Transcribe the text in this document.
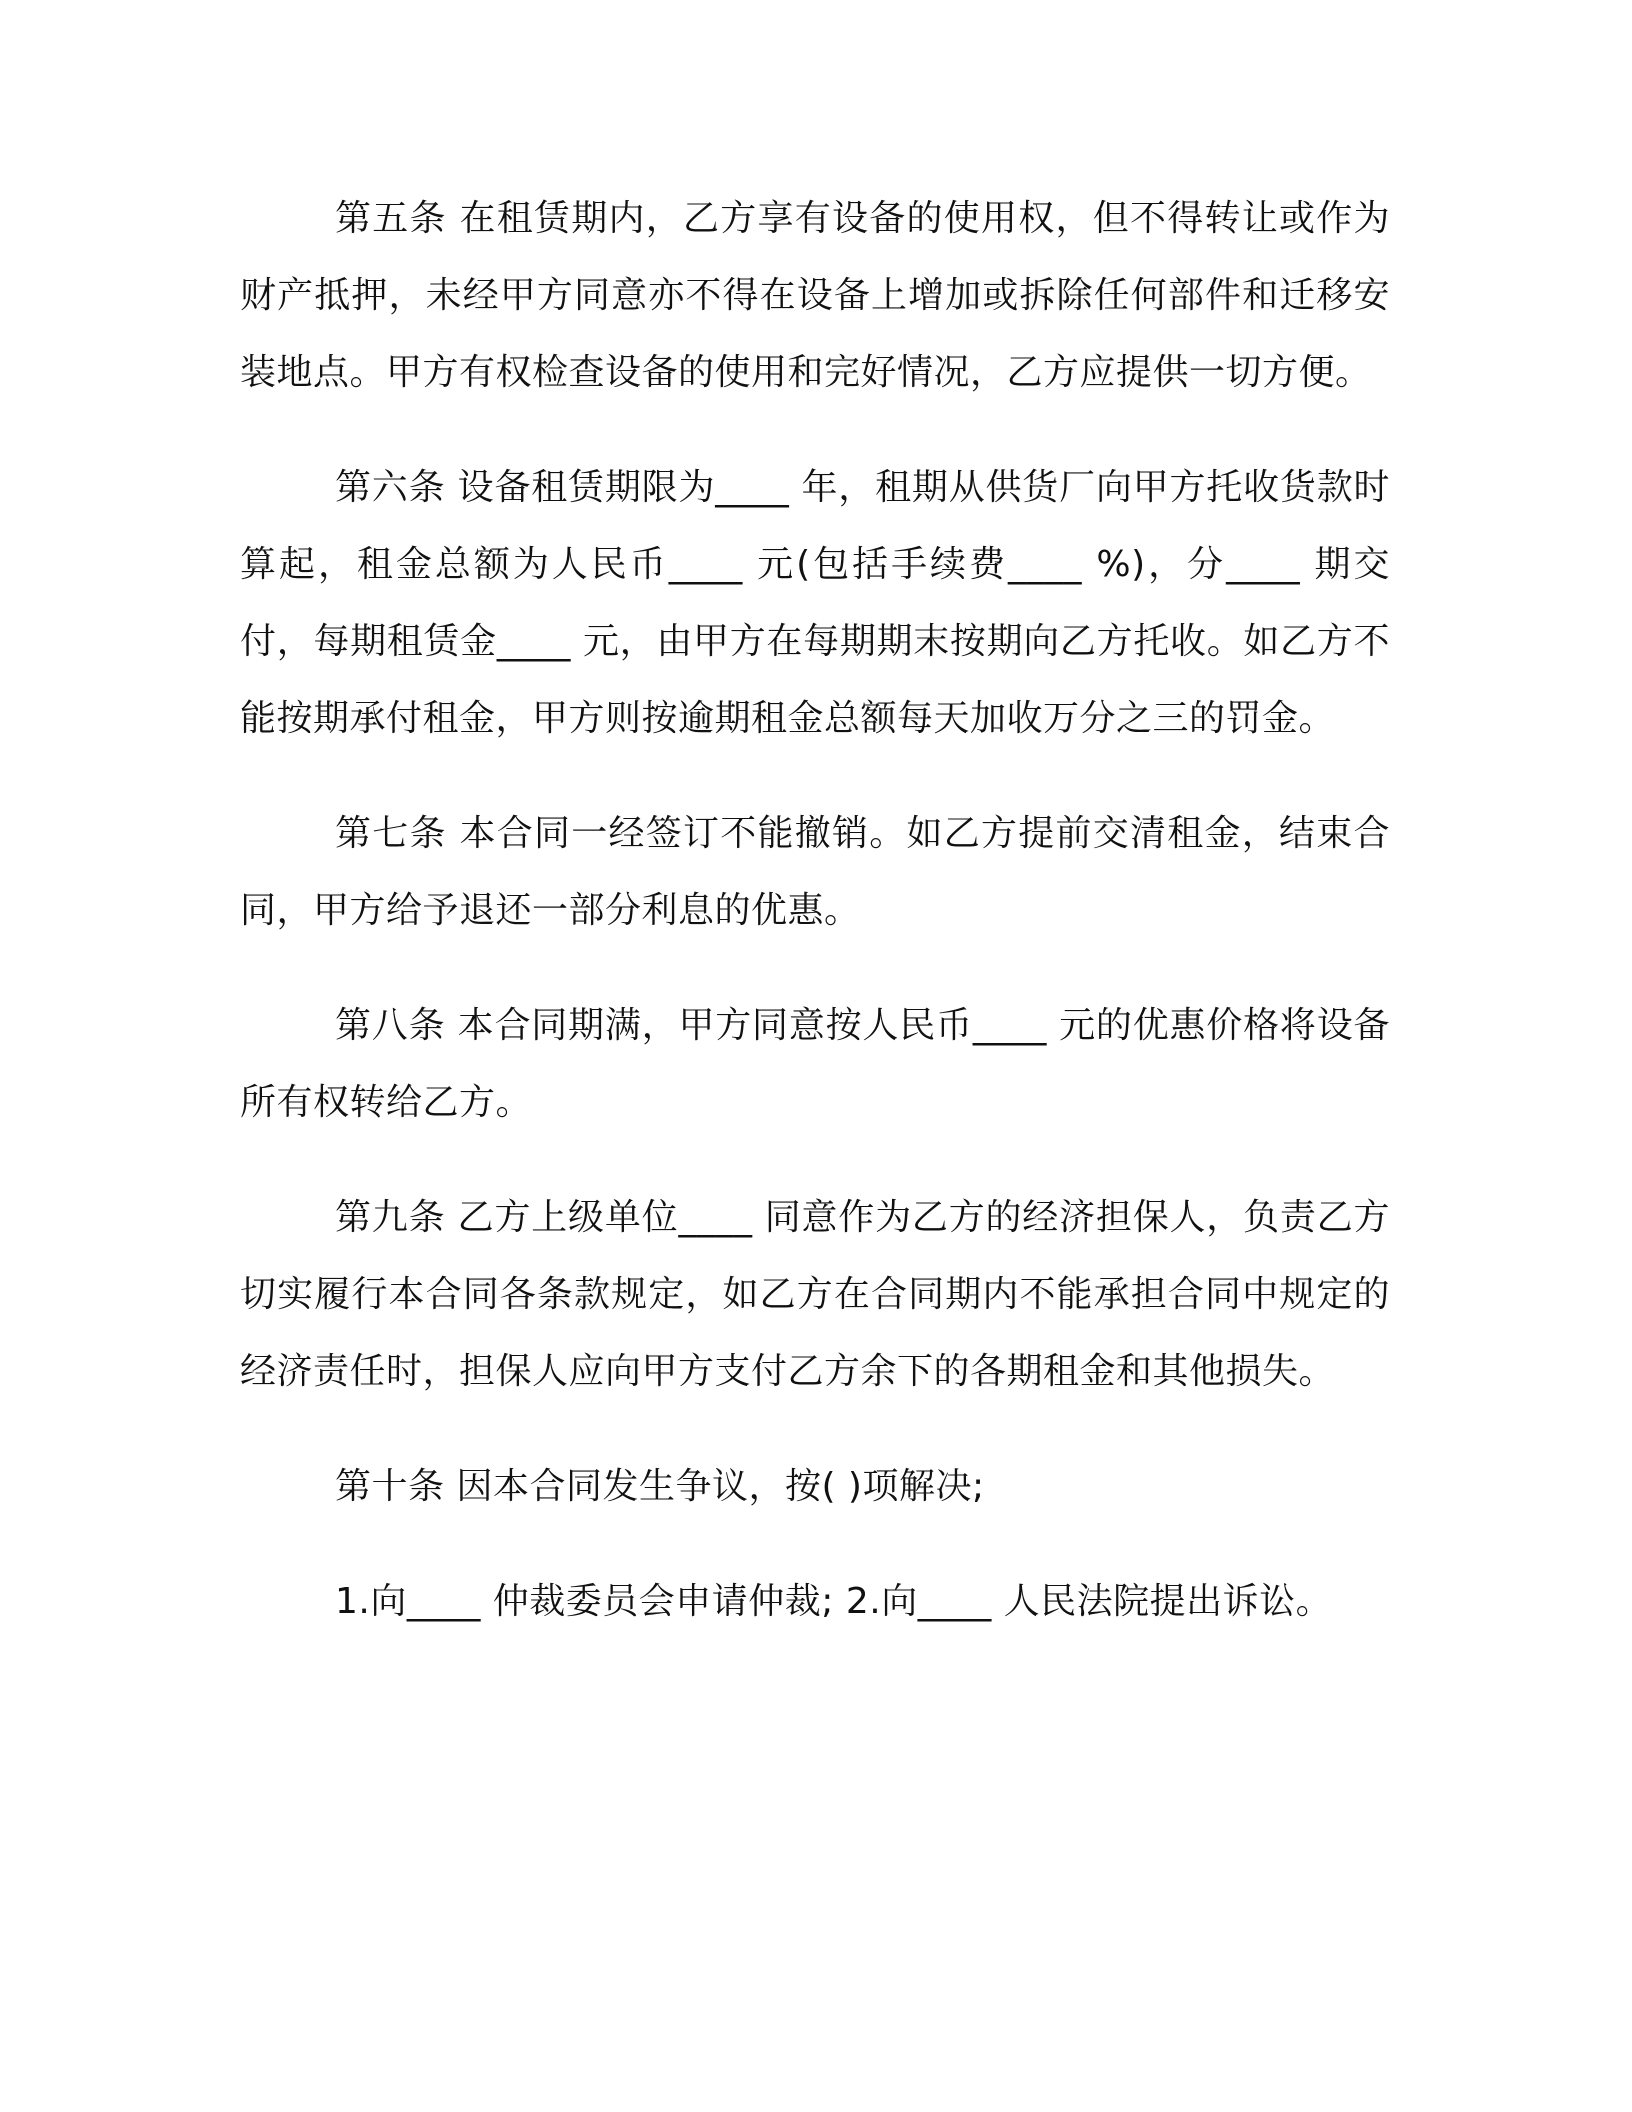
第五条 在租赁期内，乙方享有设备的使用权，但不得转让或作为财产抵押，未经甲方同意亦不得在设备上增加或拆除任何部件和迁移安装地点。甲方有权检查设备的使用和完好情况，乙方应提供一切方便。

第六条 设备租赁期限为____ 年，租期从供货厂向甲方托收货款时算起，租金总额为人民币____ 元(包括手续费____ %)，分____ 期交付，每期租赁金____ 元，由甲方在每期期末按期向乙方托收。如乙方不能按期承付租金，甲方则按逾期租金总额每天加收万分之三的罚金。

第七条 本合同一经签订不能撤销。如乙方提前交清租金，结束合同，甲方给予退还一部分利息的优惠。

第八条 本合同期满，甲方同意按人民币____ 元的优惠价格将设备所有权转给乙方。

第九条 乙方上级单位____ 同意作为乙方的经济担保人，负责乙方切实履行本合同各条款规定，如乙方在合同期内不能承担合同中规定的经济责任时，担保人应向甲方支付乙方余下的各期租金和其他损失。

第十条 因本合同发生争议，按( )项解决;

1.向____ 仲裁委员会申请仲裁; 2.向____ 人民法院提出诉讼。
